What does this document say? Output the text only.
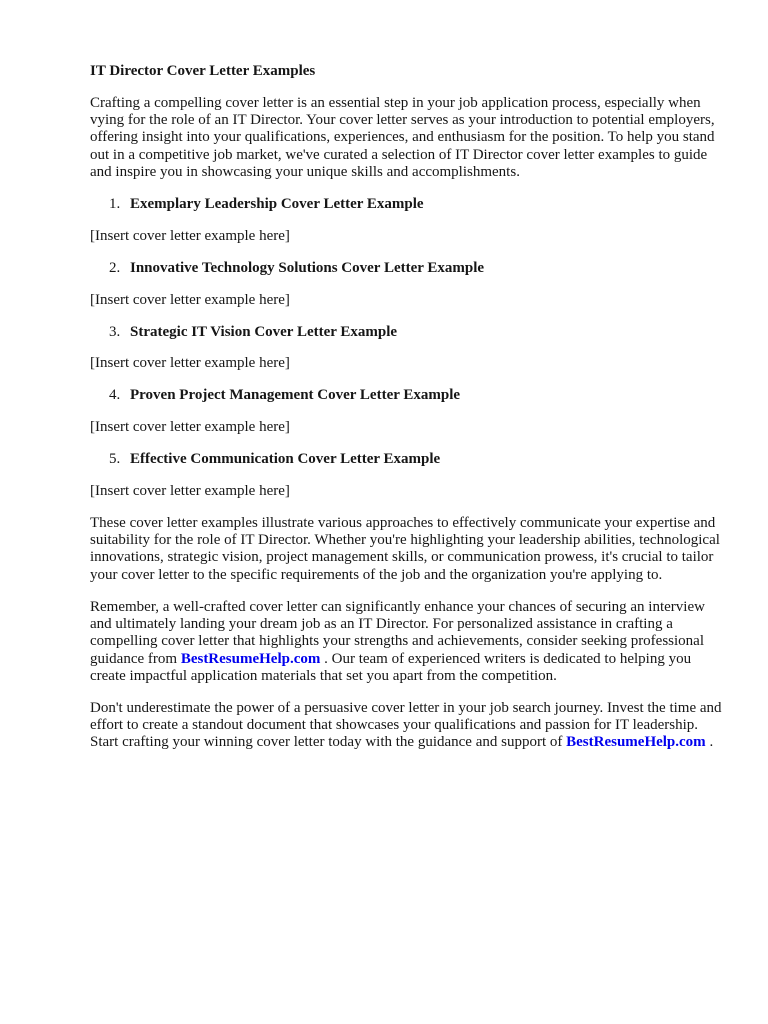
IT Director Cover Letter Examples

Crafting a compelling cover letter is an essential step in your job application process, especially when vying for the role of an IT Director. Your cover letter serves as your introduction to potential employers, offering insight into your qualifications, experiences, and enthusiasm for the position. To help you stand out in a competitive job market, we've curated a selection of IT Director cover letter examples to guide and inspire you in showcasing your unique skills and accomplishments.

1. Exemplary Leadership Cover Letter Example

[Insert cover letter example here]

2. Innovative Technology Solutions Cover Letter Example

[Insert cover letter example here]

3. Strategic IT Vision Cover Letter Example

[Insert cover letter example here]

4. Proven Project Management Cover Letter Example

[Insert cover letter example here]

5. Effective Communication Cover Letter Example

[Insert cover letter example here]

These cover letter examples illustrate various approaches to effectively communicate your expertise and suitability for the role of IT Director. Whether you're highlighting your leadership abilities, technological innovations, strategic vision, project management skills, or communication prowess, it's crucial to tailor your cover letter to the specific requirements of the job and the organization you're applying to.

Remember, a well-crafted cover letter can significantly enhance your chances of securing an interview and ultimately landing your dream job as an IT Director. For personalized assistance in crafting a compelling cover letter that highlights your strengths and achievements, consider seeking professional guidance from BestResumeHelp.com . Our team of experienced writers is dedicated to helping you create impactful application materials that set you apart from the competition.

Don't underestimate the power of a persuasive cover letter in your job search journey. Invest the time and effort to create a standout document that showcases your qualifications and passion for IT leadership. Start crafting your winning cover letter today with the guidance and support of BestResumeHelp.com .
